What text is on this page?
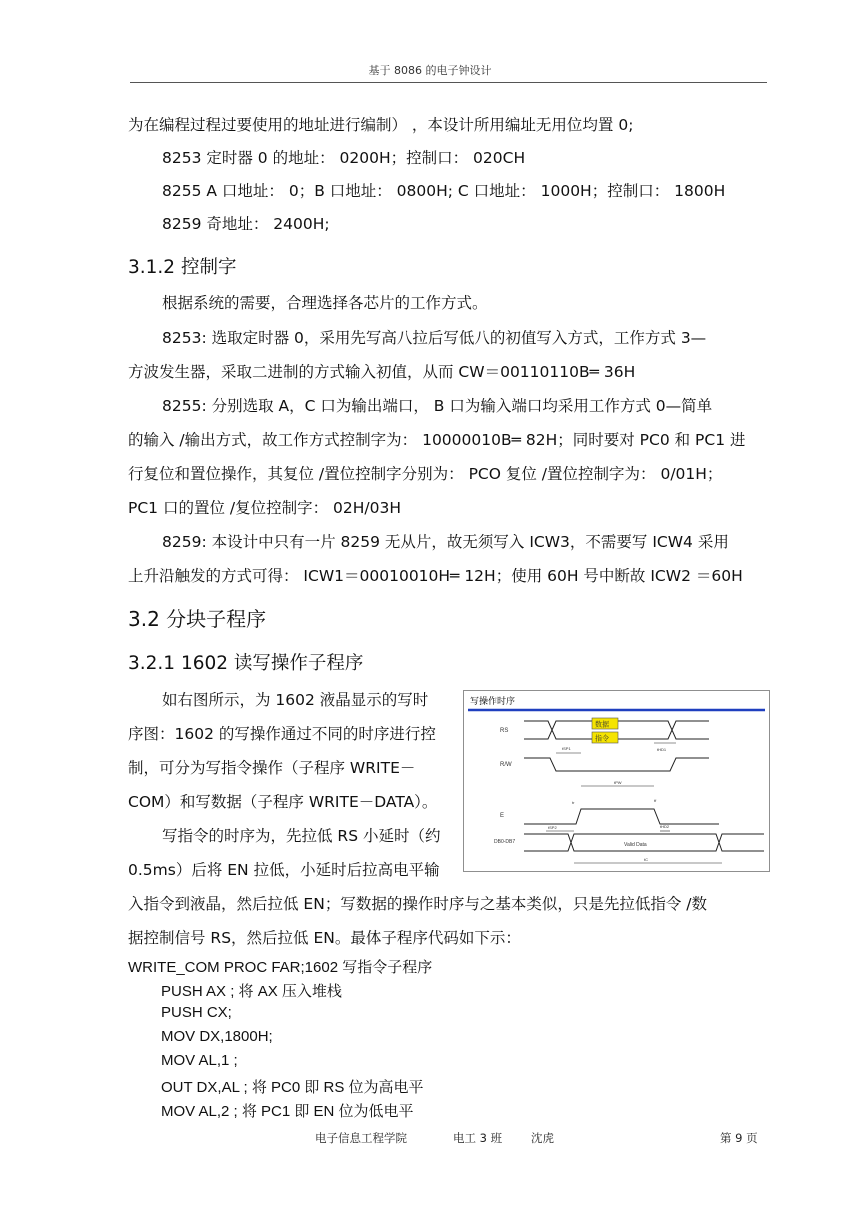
基于 8086 的电子钟设计
为在编程过程过要使用的地址进行编制） ，本设计所用编址无用位均置 0;
8253 定时器 0 的地址： 0200H；控制口： 020CH
8255 A 口地址： 0；B 口地址： 0800H; C 口地址： 1000H；控制口： 1800H
8259 奇地址： 2400H;
3.1.2 控制字
根据系统的需要，合理选择各芯片的工作方式。
8253: 选取定时器 0，采用先写高八拉后写低八的初值写入方式，工作方式 3—
方波发生器，采取二进制的方式输入初值，从而 CW＝00110110B═ 36H
8255: 分别选取 A，C 口为输出端口， B 口为输入端口均采用工作方式 0—简单
的输入 /输出方式，故工作方式控制字为： 10000010B═ 82H；同时要对 PC0 和 PC1 进
行复位和置位操作，其复位 /置位控制字分别为： PCO 复位 /置位控制字为： 0/01H；
PC1 口的置位 /复位控制字： 02H/03H
8259: 本设计中只有一片 8259 无从片，故无须写入 ICW3，不需要写 ICW4 采用
上升沿触发的方式可得： ICW1＝00010010H═ 12H；使用 60H 号中断故 ICW2 ＝60H
3.2 分块子程序
3.2.1 1602 读写操作子程序
如右图所示，为 1602 液晶显示的写时
序图：1602 的写操作通过不同的时序进行控
制，可分为写指令操作（子程序 WRITE－
COM）和写数据（子程序 WRITE－DATA）。
写指令的时序为，先拉低 RS 小延时（约
0.5ms）后将 EN 拉低，小延时后拉高电平输
入指令到液晶，然后拉低 EN；写数据的操作时序与之基本类似，只是先拉低指令 /数
据控制信号 RS，然后拉低 EN。最体子程序代码如下示：
写操作时序
RS
R/W
E
DB0-DB7
数据
指令
Valid Data
tSP1	tHD1
tPW
tr	tf
tSP2	tHD2
tC
WRITE_COM PROC FAR;1602 写指令子程序
PUSH AX ; 将 AX 压入堆栈
PUSH CX;
MOV DX,1800H;
MOV AL,1 ;
OUT DX,AL ; 将 PC0 即 RS 位为高电平
MOV AL,2 ; 将 PC1 即 EN 位为低电平
电子信息工程学院	电工 3 班	沈虎	第 9 页
